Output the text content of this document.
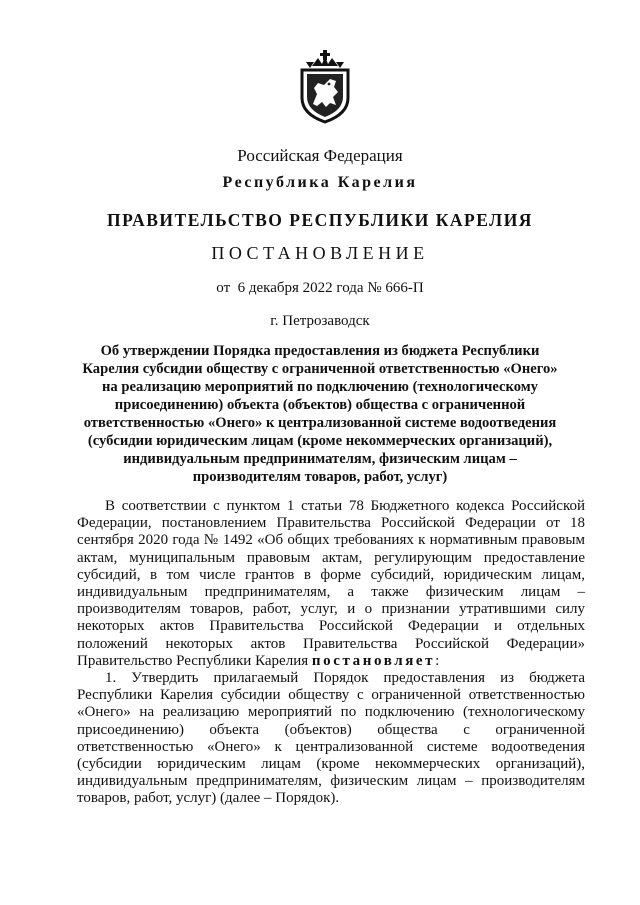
Российская Федерация
Республика Карелия
ПРАВИТЕЛЬСТВО РЕСПУБЛИКИ КАРЕЛИЯ
ПОСТАНОВЛЕНИЕ
от  6 декабря 2022 года № 666-П
г. Петрозаводск
Об утверждении Порядка предоставления из бюджета Республики
Карелия субсидии обществу с ограниченной ответственностью «Онего»
на реализацию мероприятий по подключению (технологическому
присоединению) объекта (объектов) общества с ограниченной
ответственностью «Онего» к централизованной системе водоотведения
(субсидии юридическим лицам (кроме некоммерческих организаций),
индивидуальным предпринимателям, физическим лицам –
производителям товаров, работ, услуг)

В соответствии с пунктом 1 статьи 78 Бюджетного кодекса Российской Федерации, постановлением Правительства Российской Федерации от 18 сентября 2020 года № 1492 «Об общих требованиях к нормативным правовым актам, муниципальным правовым актам, регулирующим предоставление субсидий, в том числе грантов в форме субсидий, юридическим лицам, индивидуальным предпринимателям, а также физическим лицам – производителям товаров, работ, услуг, и о признании утратившими силу некоторых актов Правительства Российской Федерации и отдельных положений некоторых актов Правительства Российской Федерации» Правительство Республики Карелия постановляет:

1. Утвердить прилагаемый Порядок предоставления из бюджета Республики Карелия субсидии обществу с ограниченной ответственностью «Онего» на реализацию мероприятий по подключению (технологическому присоединению) объекта (объектов) общества с ограниченной ответственностью «Онего» к централизованной системе водоотведения (субсидии юридическим лицам (кроме некоммерческих организаций), индивидуальным предпринимателям, физическим лицам – производителям товаров, работ, услуг) (далее – Порядок).
